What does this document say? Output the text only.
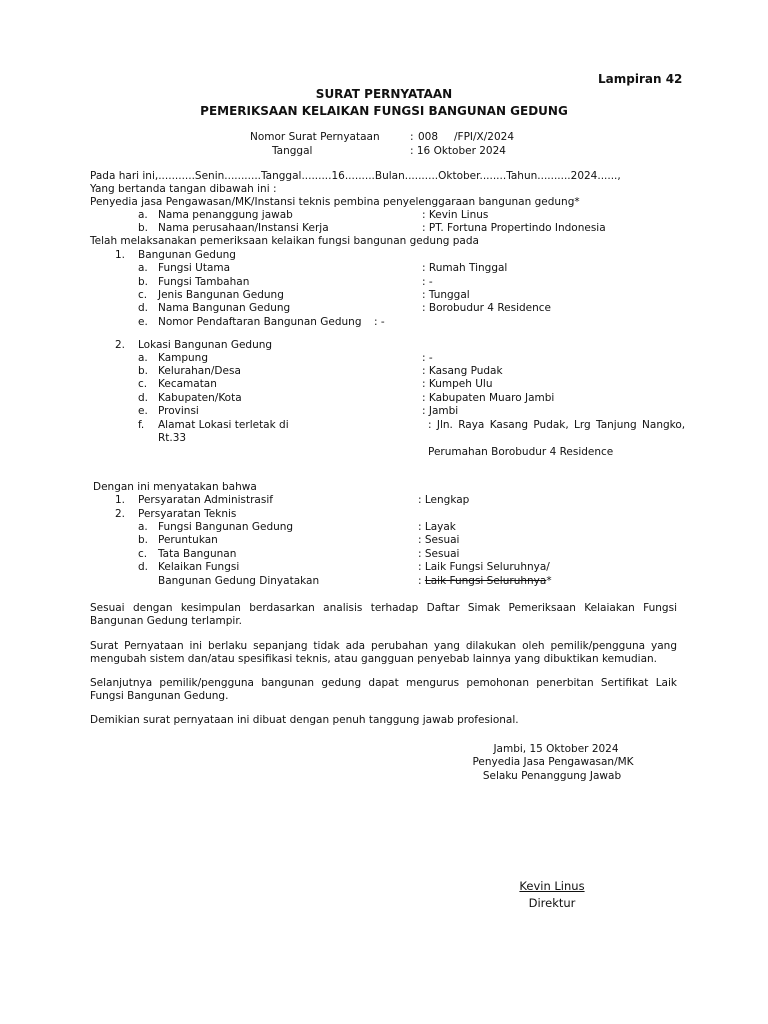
Lampiran 42
SURAT PERNYATAAN
PEMERIKSAAN KELAIKAN FUNGSI BANGUNAN GEDUNG
Nomor Surat Pernyataan	: 008 /FPI/X/2024
Tanggal	: 16 Oktober 2024
Pada hari ini,...........Senin...........Tanggal.........16.........Bulan..........Oktober........Tahun..........2024......,
Yang bertanda tangan dibawah ini :
Penyedia jasa Pengawasan/MK/Instansi teknis pembina penyelenggaraan bangunan gedung*
a. Nama penanggung jawab	: Kevin Linus
b. Nama perusahaan/Instansi Kerja	: PT. Fortuna Propertindo Indonesia
Telah melaksanakan pemeriksaan kelaikan fungsi bangunan gedung pada
1. Bangunan Gedung
a. Fungsi Utama	: Rumah Tinggal
b. Fungsi Tambahan	: -
c. Jenis Bangunan Gedung	: Tunggal
d. Nama Bangunan Gedung	: Borobudur 4 Residence
e. Nomor Pendaftaran Bangunan Gedung : -
2. Lokasi Bangunan Gedung
a. Kampung	: -
b. Kelurahan/Desa	: Kasang Pudak
c. Kecamatan	: Kumpeh Ulu
d. Kabupaten/Kota	: Kabupaten Muaro Jambi
e. Provinsi	: Jambi
f. Alamat Lokasi terletak di	: Jln. Raya Kasang Pudak, Lrg Tanjung Nangko,
Rt.33
Perumahan Borobudur 4 Residence
Dengan ini menyatakan bahwa
1. Persyaratan Administrasif	: Lengkap
2. Persyaratan Teknis
a. Fungsi Bangunan Gedung	: Layak
b. Peruntukan	: Sesuai
c. Tata Bangunan	: Sesuai
d. Kelaikan Fungsi	: Laik Fungsi Seluruhnya/
Bangunan Gedung Dinyatakan	: Laik Fungsi Seluruhnya*
Sesuai dengan kesimpulan berdasarkan analisis terhadap Daftar Simak Pemeriksaan Kelaiakan Fungsi Bangunan Gedung terlampir.
Surat Pernyataan ini berlaku sepanjang tidak ada perubahan yang dilakukan oleh pemilik/pengguna yang mengubah sistem dan/atau spesifikasi teknis, atau gangguan penyebab lainnya yang dibuktikan kemudian.
Selanjutnya pemilik/pengguna bangunan gedung dapat mengurus pemohonan penerbitan Sertifikat Laik Fungsi Bangunan Gedung.
Demikian surat pernyataan ini dibuat dengan penuh tanggung jawab profesional.
Jambi, 15 Oktober 2024
Penyedia Jasa Pengawasan/MK
Selaku Penanggung Jawab
Kevin Linus
Direktur
